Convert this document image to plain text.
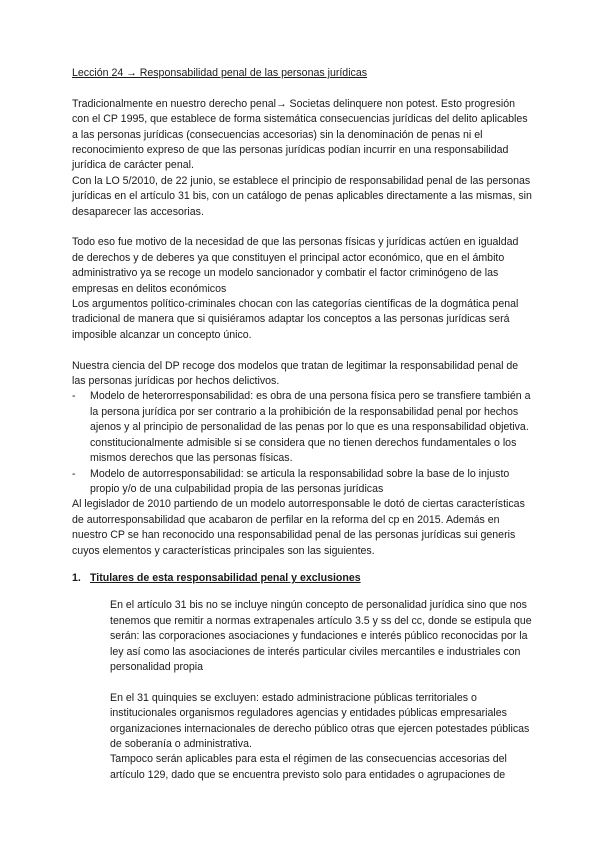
Lección 24 → Responsabilidad penal de las personas jurídicas

Tradicionalmente en nuestro derecho penal→ Societas delinquere non potest. Esto progresión con el CP 1995, que establece de forma sistemática consecuencias jurídicas del delito aplicables a las personas jurídicas (consecuencias accesorias) sin la denominación de penas ni el reconocimiento expreso de que las personas jurídicas podían incurrir en una responsabilidad jurídica de carácter penal.

Con la LO 5/2010, de 22 junio, se establece el principio de responsabilidad penal de las personas jurídicas en el artículo 31 bis, con un catálogo de penas aplicables directamente a las mismas, sin desaparecer las accesorias.

Todo eso fue motivo de la necesidad de que las personas físicas y jurídicas actúen en igualdad de derechos y de deberes ya que constituyen el principal actor económico, que en el ámbito administrativo ya se recoge un modelo sancionador y combatir el factor criminógeno de las empresas en delitos económicos

Los argumentos político-criminales chocan con las categorías científicas de la dogmática penal tradicional de manera que si quisiéramos adaptar los conceptos a las personas jurídicas será imposible alcanzar un concepto único.

Nuestra ciencia del DP recoge dos modelos que tratan de legitimar la responsabilidad penal de las personas jurídicas por hechos delictivos.

- Modelo de heterorresponsabilidad: es obra de una persona física pero se transfiere también a la persona jurídica por ser contrario a la prohibición de la responsabilidad penal por hechos ajenos y al principio de personalidad de las penas por lo que es una responsabilidad objetiva. constitucionalmente admisible si se considera que no tienen derechos fundamentales o los mismos derechos que las personas físicas.
- Modelo de autorresponsabilidad: se articula la responsabilidad sobre la base de lo injusto propio y/o de una culpabilidad propia de las personas jurídicas

Al legislador de 2010 partiendo de un modelo autorresponsable le dotó de ciertas características de autorresponsabilidad que acabaron de perfilar en la reforma del cp en 2015. Además en nuestro CP se han reconocido una responsabilidad penal de las personas jurídicas sui generis cuyos elementos y características principales son las siguientes.

1. Titulares de esta responsabilidad penal y exclusiones

En el artículo 31 bis no se incluye ningún concepto de personalidad jurídica sino que nos tenemos que remitir a normas extrapenales artículo 3.5 y ss del cc, donde se estipula que serán: las corporaciones asociaciones y fundaciones e interés público reconocidas por la ley así como las asociaciones de interés particular civiles mercantiles e industriales con personalidad propia

En el 31 quinquies se excluyen: estado administracione públicas territoriales o institucionales organismos reguladores agencias y entidades públicas empresariales organizaciones internacionales de derecho público otras que ejercen potestades públicas de soberanía o administrativa.

Tampoco serán aplicables para esta el régimen de las consecuencias accesorias del artículo 129, dado que se encuentra previsto solo para entidades o agrupaciones de
